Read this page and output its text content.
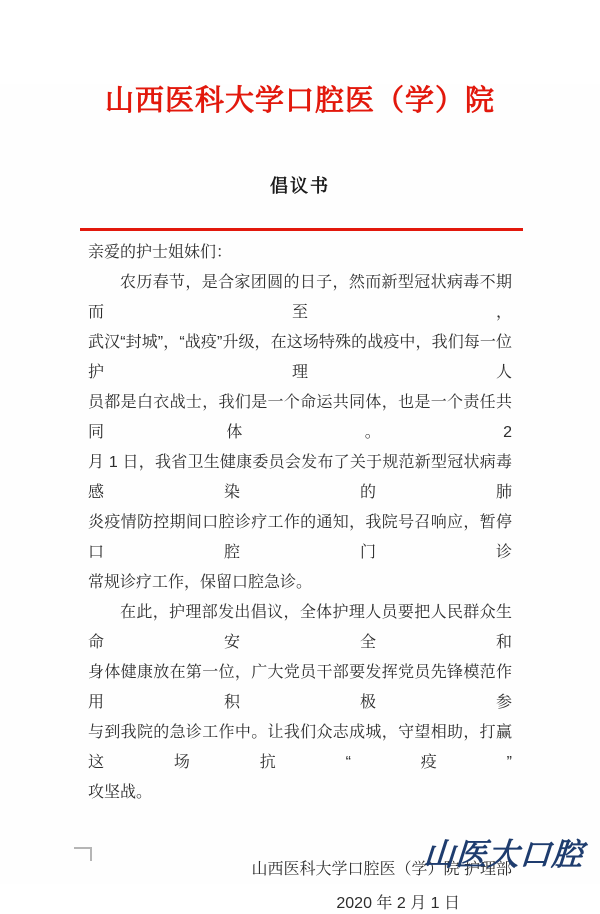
山西医科大学口腔医（学）院
倡议书
亲爱的护士姐妹们：
农历春节，是合家团圆的日子，然而新型冠状病毒不期而至，
武汉“封城”，“战疫”升级，在这场特殊的战疫中，我们每一位护理人
员都是白衣战士，我们是一个命运共同体，也是一个责任共同体。2
月 1 日，我省卫生健康委员会发布了关于规范新型冠状病毒感染的肺
炎疫情防控期间口腔诊疗工作的通知，我院号召响应，暂停口腔门诊
常规诊疗工作，保留口腔急诊。
在此，护理部发出倡议，全体护理人员要把人民群众生命安全和
身体健康放在第一位，广大党员干部要发挥党员先锋模范作用积极参
与到我院的急诊工作中。让我们众志成城，守望相助，打赢这场抗“疫”
攻坚战。
山西医科大学口腔医（学）院 护理部
2020 年 2 月 1 日
山医大口腔
